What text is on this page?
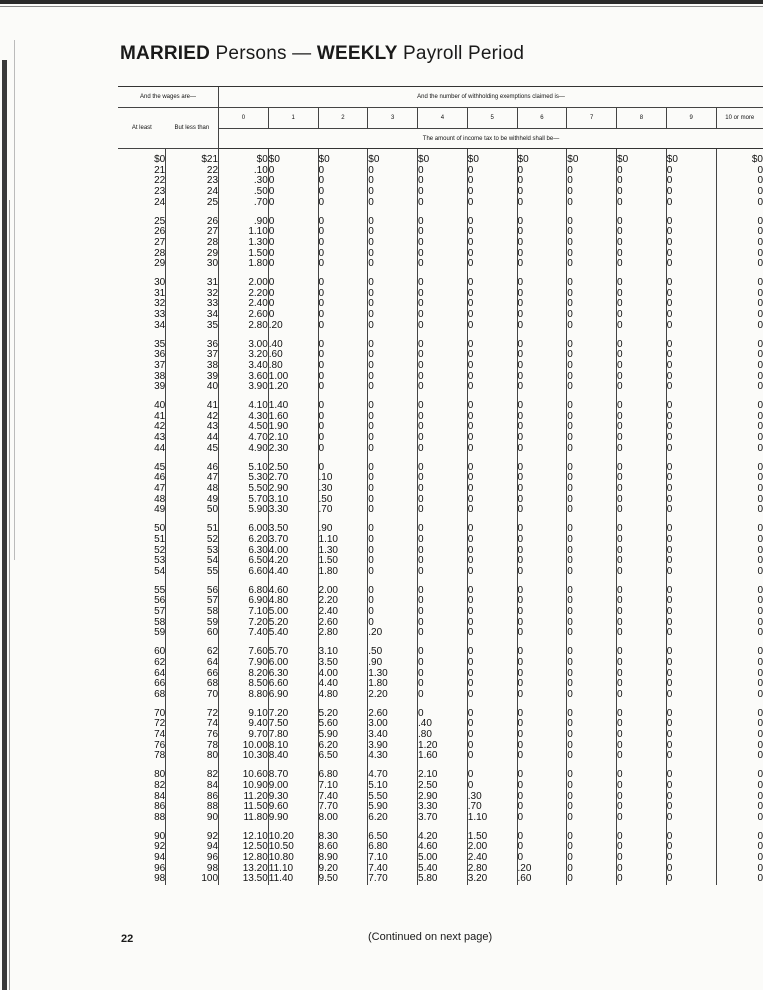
MARRIED Persons — WEEKLY Payroll Period
And the wages are—		And the number of withholding exemptions claimed is—										
At least	But less than	0	1	2	3	4	5	6	7	8	9	10 or more
		The amount of income tax to be withheld shall be—										
$0	$21	$0	$0	$0	$0	$0	$0	$0	$0	$0	$0	$0
21	22	.10	0	0	0	0	0	0	0	0	0	0
22	23	.30	0	0	0	0	0	0	0	0	0	0
23	24	.50	0	0	0	0	0	0	0	0	0	0
24	25	.70	0	0	0	0	0	0	0	0	0	0

25	26	.90	0	0	0	0	0	0	0	0	0	0
26	27	1.10	0	0	0	0	0	0	0	0	0	0
27	28	1.30	0	0	0	0	0	0	0	0	0	0
28	29	1.50	0	0	0	0	0	0	0	0	0	0
29	30	1.80	0	0	0	0	0	0	0	0	0	0

30	31	2.00	0	0	0	0	0	0	0	0	0	0
31	32	2.20	0	0	0	0	0	0	0	0	0	0
32	33	2.40	0	0	0	0	0	0	0	0	0	0
33	34	2.60	0	0	0	0	0	0	0	0	0	0
34	35	2.80	.20	0	0	0	0	0	0	0	0	0

35	36	3.00	.40	0	0	0	0	0	0	0	0	0
36	37	3.20	.60	0	0	0	0	0	0	0	0	0
37	38	3.40	.80	0	0	0	0	0	0	0	0	0
38	39	3.60	1.00	0	0	0	0	0	0	0	0	0
39	40	3.90	1.20	0	0	0	0	0	0	0	0	0

40	41	4.10	1.40	0	0	0	0	0	0	0	0	0
41	42	4.30	1.60	0	0	0	0	0	0	0	0	0
42	43	4.50	1.90	0	0	0	0	0	0	0	0	0
43	44	4.70	2.10	0	0	0	0	0	0	0	0	0
44	45	4.90	2.30	0	0	0	0	0	0	0	0	0

45	46	5.10	2.50	0	0	0	0	0	0	0	0	0
46	47	5.30	2.70	.10	0	0	0	0	0	0	0	0
47	48	5.50	2.90	.30	0	0	0	0	0	0	0	0
48	49	5.70	3.10	.50	0	0	0	0	0	0	0	0
49	50	5.90	3.30	.70	0	0	0	0	0	0	0	0

50	51	6.00	3.50	.90	0	0	0	0	0	0	0	0
51	52	6.20	3.70	1.10	0	0	0	0	0	0	0	0
52	53	6.30	4.00	1.30	0	0	0	0	0	0	0	0
53	54	6.50	4.20	1.50	0	0	0	0	0	0	0	0
54	55	6.60	4.40	1.80	0	0	0	0	0	0	0	0

55	56	6.80	4.60	2.00	0	0	0	0	0	0	0	0
56	57	6.90	4.80	2.20	0	0	0	0	0	0	0	0
57	58	7.10	5.00	2.40	0	0	0	0	0	0	0	0
58	59	7.20	5.20	2.60	0	0	0	0	0	0	0	0
59	60	7.40	5.40	2.80	.20	0	0	0	0	0	0	0

60	62	7.60	5.70	3.10	.50	0	0	0	0	0	0	0
62	64	7.90	6.00	3.50	.90	0	0	0	0	0	0	0
64	66	8.20	6.30	4.00	1.30	0	0	0	0	0	0	0
66	68	8.50	6.60	4.40	1.80	0	0	0	0	0	0	0
68	70	8.80	6.90	4.80	2.20	0	0	0	0	0	0	0

70	72	9.10	7.20	5.20	2.60	0	0	0	0	0	0	0
72	74	9.40	7.50	5.60	3.00	.40	0	0	0	0	0	0
74	76	9.70	7.80	5.90	3.40	.80	0	0	0	0	0	0
76	78	10.00	8.10	6.20	3.90	1.20	0	0	0	0	0	0
78	80	10.30	8.40	6.50	4.30	1.60	0	0	0	0	0	0

80	82	10.60	8.70	6.80	4.70	2.10	0	0	0	0	0	0
82	84	10.90	9.00	7.10	5.10	2.50	0	0	0	0	0	0
84	86	11.20	9.30	7.40	5.50	2.90	.30	0	0	0	0	0
86	88	11.50	9.60	7.70	5.90	3.30	.70	0	0	0	0	0
88	90	11.80	9.90	8.00	6.20	3.70	1.10	0	0	0	0	0

90	92	12.10	10.20	8.30	6.50	4.20	1.50	0	0	0	0	0
92	94	12.50	10.50	8.60	6.80	4.60	2.00	0	0	0	0	0
94	96	12.80	10.80	8.90	7.10	5.00	2.40	0	0	0	0	0
96	98	13.20	11.10	9.20	7.40	5.40	2.80	.20	0	0	0	0
98	100	13.50	11.40	9.50	7.70	5.80	3.20	.60	0	0	0	0
22	(Continued on next page)
